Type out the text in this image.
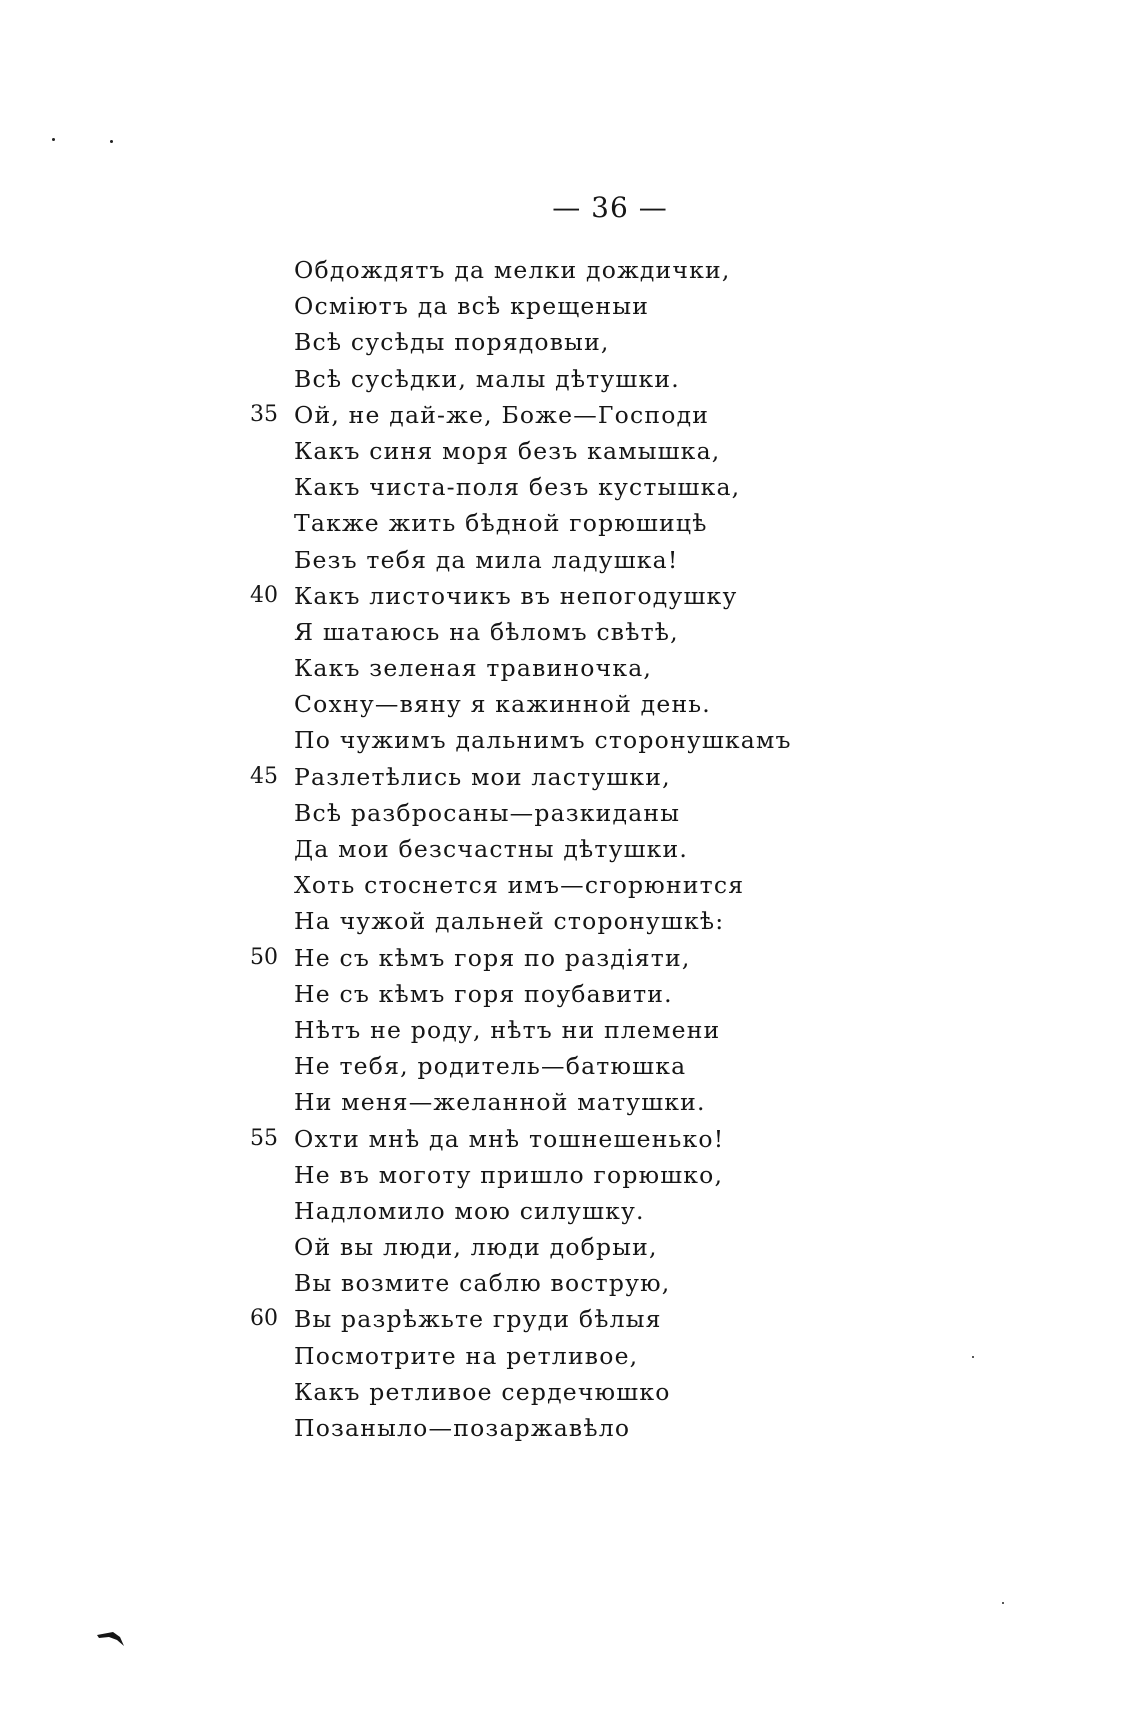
— 36 —
Обдождятъ да мелки дождички,
Осміютъ да всѣ крещеныи
Всѣ сусѣды порядовыи,
Всѣ сусѣдки, малы дѣтушки.
35 Ой, не дай-же, Боже—Господи
Какъ синя моря безъ камышка,
Какъ чиста-поля безъ кустышка,
Также жить бѣдной горюшицѣ
Безъ тебя да мила ладушка!
40 Какъ листочикъ въ непогодушку
Я шатаюсь на бѣломъ свѣтѣ,
Какъ зеленая травиночка,
Сохну—вяну я кажинной день.
По чужимъ дальнимъ сторонушкамъ
45 Разлетѣлись мои ластушки,
Всѣ разбросаны—разкиданы
Да мои безсчастны дѣтушки.
Хоть стоснется имъ—сгорюнится
На чужой дальней сторонушкѣ:
50 Не съ кѣмъ горя по раздіяти,
Не съ кѣмъ горя поубавити.
Нѣтъ не роду, нѣтъ ни племени
Не тебя, родитель—батюшка
Ни меня—желанной матушки.
55 Охти мнѣ да мнѣ тошнешенько!
Не въ моготу пришло горюшко,
Надломило мою силушку.
Ой вы люди, люди добрыи,
Вы возмите саблю вострую,
60 Вы разрѣжьте груди бѣлыя
Посмотрите на ретливое,
Какъ ретливое сердечюшко
Позаныло—позаржавѣло
